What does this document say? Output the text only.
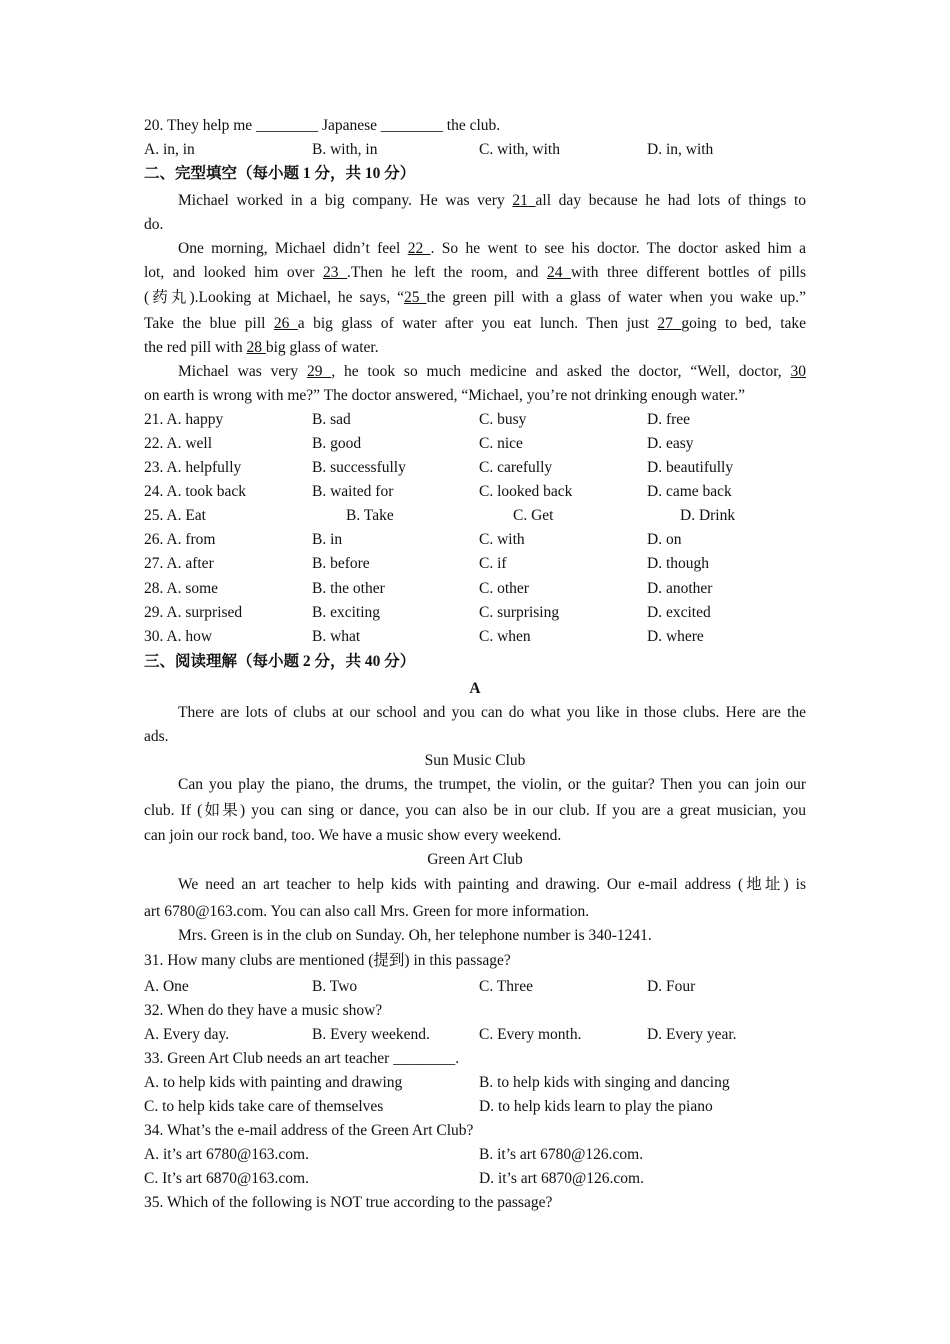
20. They help me ________ Japanese ________ the club.
A. in, in	B. with, in	C. with, with	D. in, with
二、完型填空（每小题 1 分，共 10 分）
Michael worked in a big company. He was very 21 all day because he had lots of things to
do.
One morning, Michael didn’t feel 22 . So he went to see his doctor. The doctor asked him a
lot, and looked him over 23 .Then he left the room, and 24 with three different bottles of pills
(药丸).Looking at Michael, he says, “25 the green pill with a glass of water when you wake up.”
Take the blue pill 26 a big glass of water after you eat lunch. Then just 27 going to bed, take
the red pill with 28 big glass of water.
Michael was very 29 , he took so much medicine and asked the doctor, “Well, doctor, 30
on earth is wrong with me?” The doctor answered, “Michael, you’re not drinking enough water.”
21. A. happy	B. sad	C. busy	D. free
22. A. well	B. good	C. nice	D. easy
23. A. helpfully	B. successfully	C. carefully	D. beautifully
24. A. took back	B. waited for	C. looked back	D. came back
25. A. Eat	B. Take	C. Get	D. Drink
26. A. from	B. in	C. with	D. on
27. A. after	B. before	C. if	D. though
28. A. some	B. the other	C. other	D. another
29. A. surprised	B. exciting	C. surprising	D. excited
30. A. how	B. what	C. when	D. where
三、阅读理解（每小题 2 分，共 40 分）
A
There are lots of clubs at our school and you can do what you like in those clubs. Here are the
ads.
Sun Music Club
Can you play the piano, the drums, the trumpet, the violin, or the guitar? Then you can join our
club. If (如果) you can sing or dance, you can also be in our club. If you are a great musician, you
can join our rock band, too. We have a music show every weekend.
Green Art Club
We need an art teacher to help kids with painting and drawing. Our e-mail address (地址) is
art 6780@163.com. You can also call Mrs. Green for more information.
Mrs. Green is in the club on Sunday. Oh, her telephone number is 340-1241.
31. How many clubs are mentioned (提到) in this passage?
A. One	B. Two	C. Three	D. Four
32. When do they have a music show?
A. Every day.	B. Every weekend.	C. Every month.	D. Every year.
33. Green Art Club needs an art teacher ________.
A. to help kids with painting and drawing	B. to help kids with singing and dancing
C. to help kids take care of themselves	D. to help kids learn to play the piano
34. What’s the e-mail address of the Green Art Club?
A. it’s art 6780@163.com.	B. it’s art 6780@126.com.
C. It’s art 6870@163.com.	D. it’s art 6870@126.com.
35. Which of the following is NOT true according to the passage?
